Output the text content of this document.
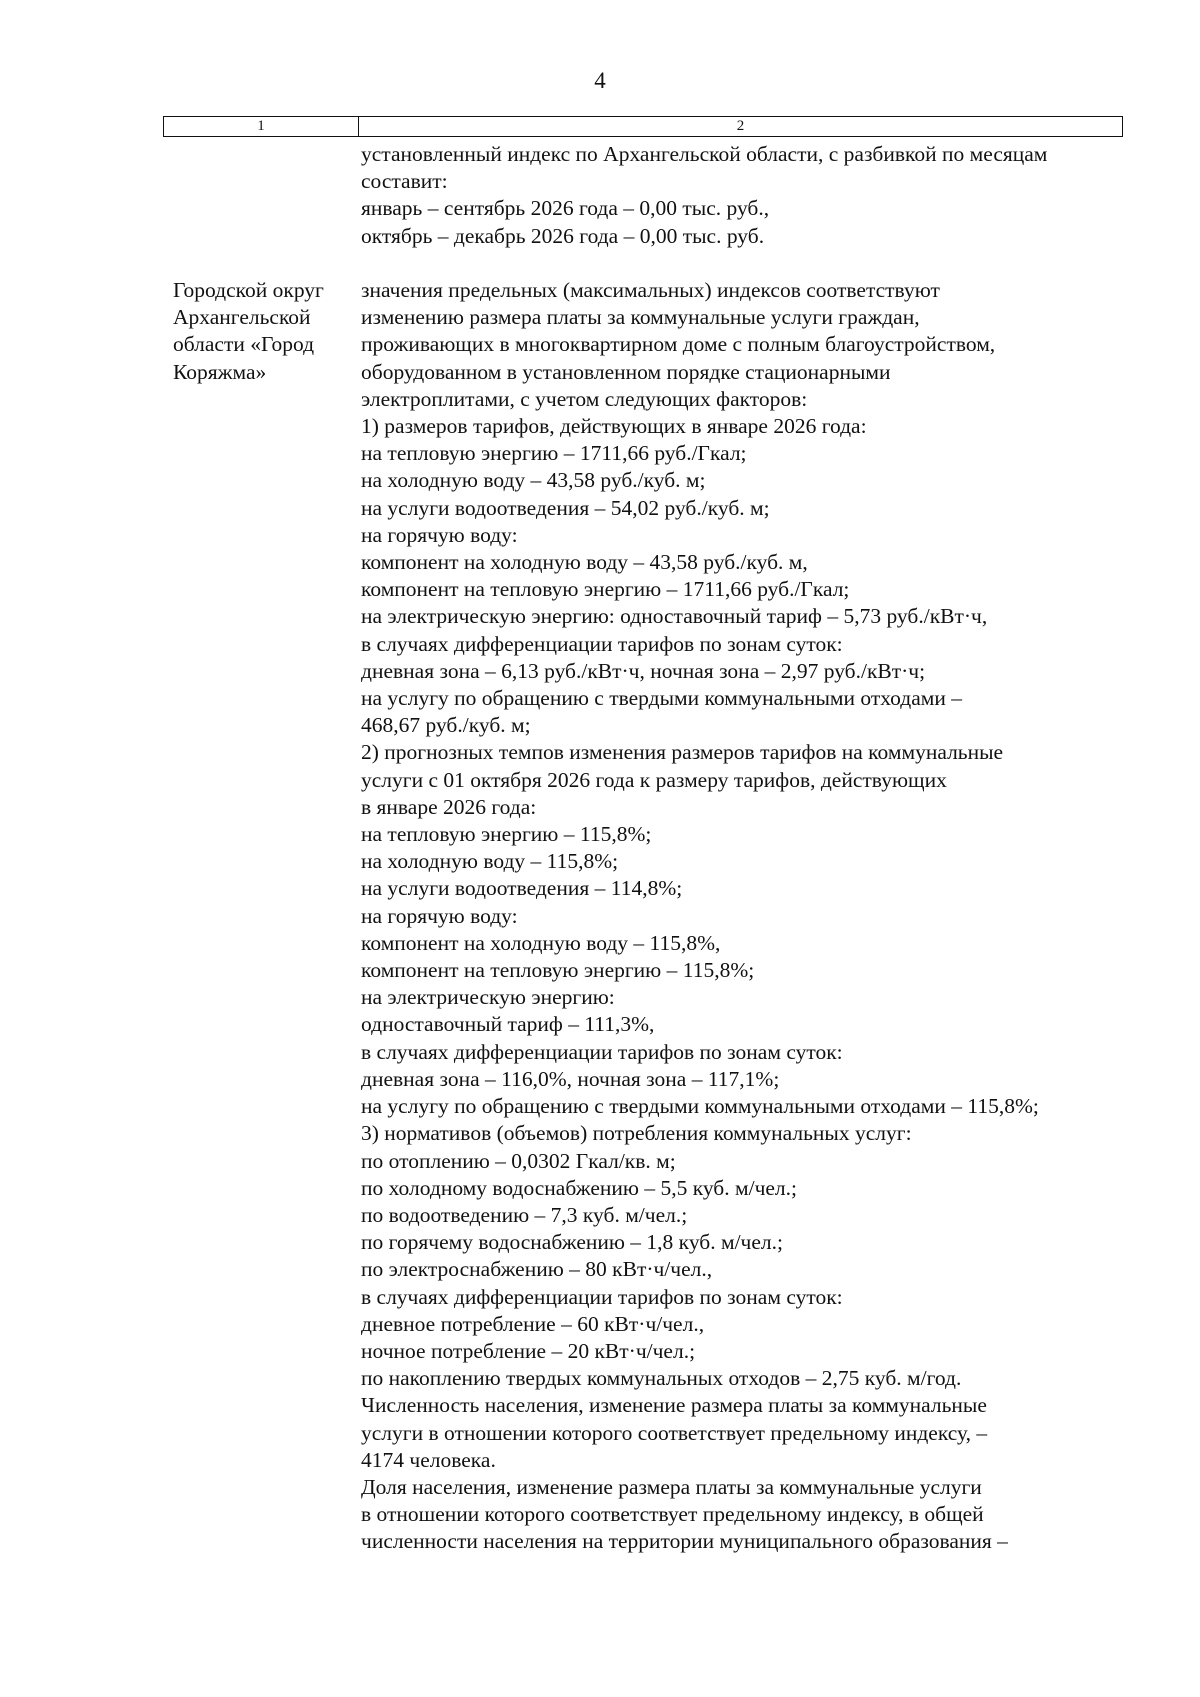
4
1	2
установленный индекс по Архангельской области, с разбивкой по месяцам
составит:
январь – сентябрь 2026 года – 0,00 тыс. руб.,
октябрь – декабрь 2026 года – 0,00 тыс. руб.
Городской округ
Архангельской
области «Город
Коряжма»
значения предельных (максимальных) индексов соответствуют
изменению размера платы за коммунальные услуги граждан,
проживающих в многоквартирном доме с полным благоустройством,
оборудованном в установленном порядке стационарными
электроплитами, с учетом следующих факторов:
1) размеров тарифов, действующих в январе 2026 года:
на тепловую энергию – 1711,66 руб./Гкал;
на холодную воду – 43,58 руб./куб. м;
на услуги водоотведения – 54,02 руб./куб. м;
на горячую воду:
компонент на холодную воду – 43,58 руб./куб. м,
компонент на тепловую энергию – 1711,66 руб./Гкал;
на электрическую энергию: одноставочный тариф – 5,73 руб./кВт·ч,
в случаях дифференциации тарифов по зонам суток:
дневная зона – 6,13 руб./кВт·ч, ночная зона – 2,97 руб./кВт·ч;
на услугу по обращению с твердыми коммунальными отходами –
468,67 руб./куб. м;
2) прогнозных темпов изменения размеров тарифов на коммунальные
услуги с 01 октября 2026 года к размеру тарифов, действующих
в январе 2026 года:
на тепловую энергию – 115,8%;
на холодную воду – 115,8%;
на услуги водоотведения – 114,8%;
на горячую воду:
компонент на холодную воду – 115,8%,
компонент на тепловую энергию – 115,8%;
на электрическую энергию:
одноставочный тариф – 111,3%,
в случаях дифференциации тарифов по зонам суток:
дневная зона – 116,0%, ночная зона – 117,1%;
на услугу по обращению с твердыми коммунальными отходами – 115,8%;
3) нормативов (объемов) потребления коммунальных услуг:
по отоплению – 0,0302 Гкал/кв. м;
по холодному водоснабжению – 5,5 куб. м/чел.;
по водоотведению – 7,3 куб. м/чел.;
по горячему водоснабжению – 1,8 куб. м/чел.;
по электроснабжению – 80 кВт·ч/чел.,
в случаях дифференциации тарифов по зонам суток:
дневное потребление – 60 кВт·ч/чел.,
ночное потребление – 20 кВт·ч/чел.;
по накоплению твердых коммунальных отходов – 2,75 куб. м/год.
Численность населения, изменение размера платы за коммунальные
услуги в отношении которого соответствует предельному индексу, –
4174 человека.
Доля населения, изменение размера платы за коммунальные услуги
в отношении которого соответствует предельному индексу, в общей
численности населения на территории муниципального образования –
